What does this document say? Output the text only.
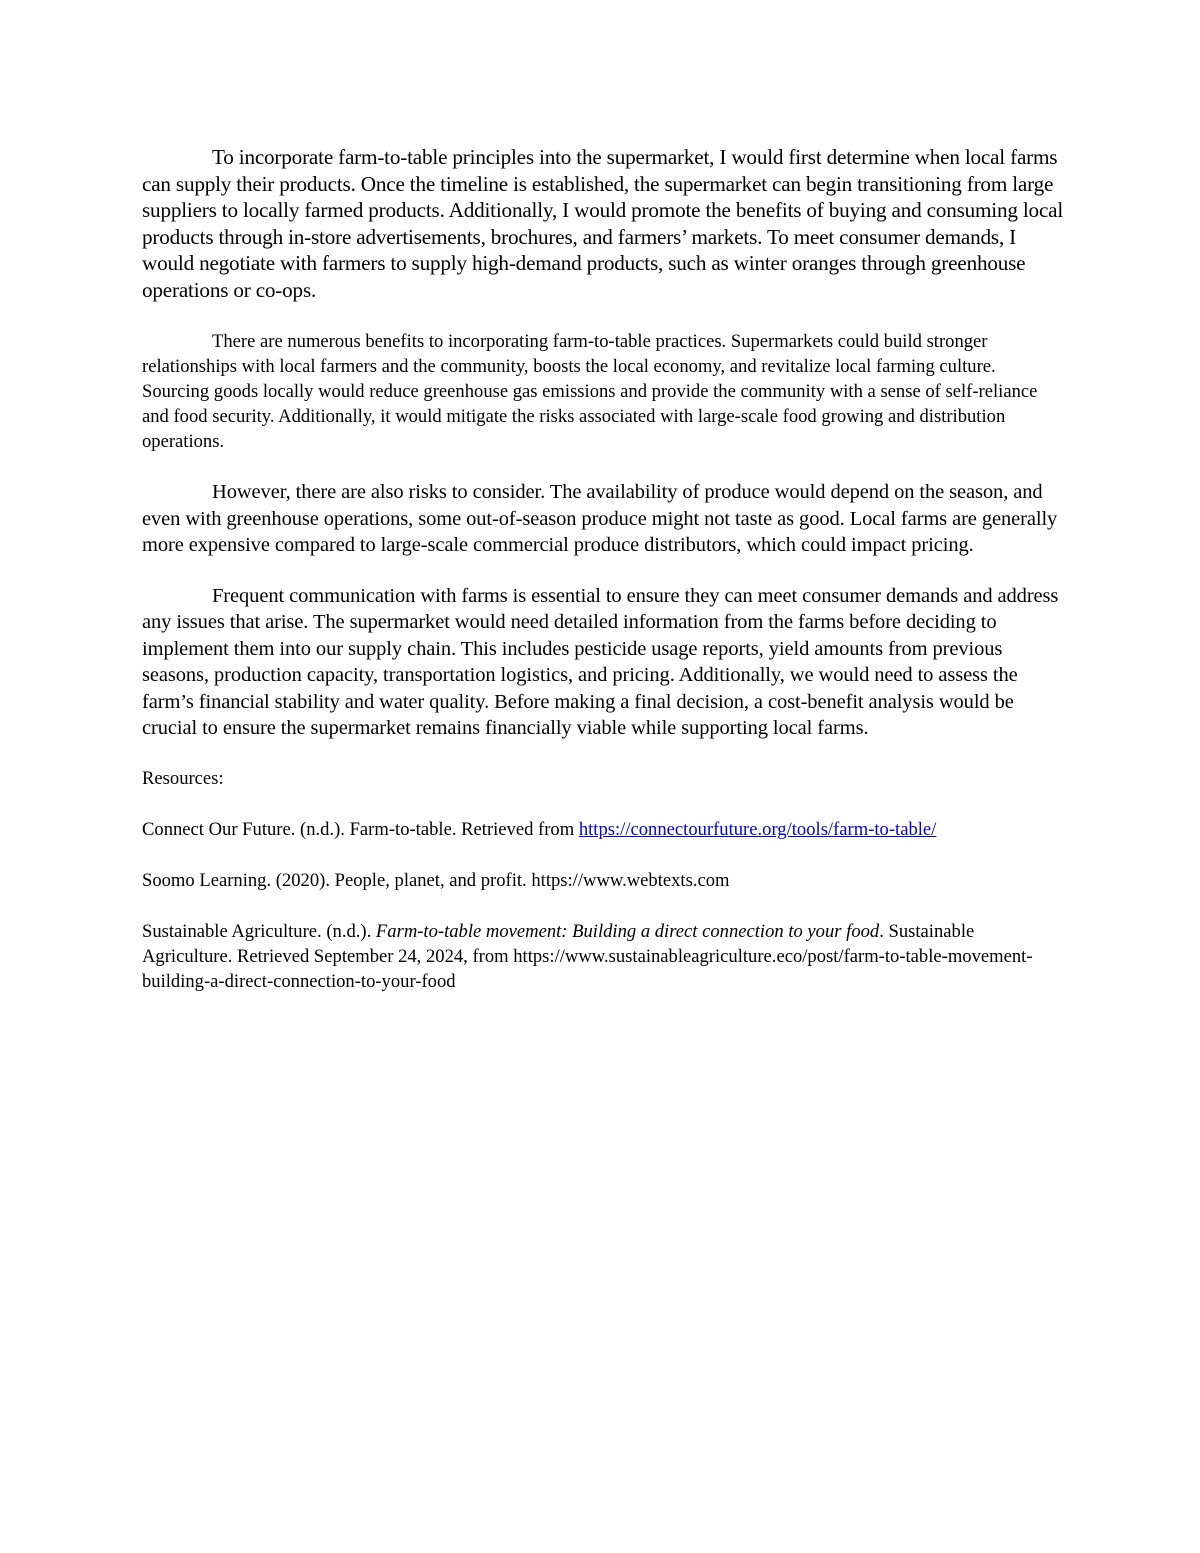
To incorporate farm-to-table principles into the supermarket, I would first determine when local farms can supply their products. Once the timeline is established, the supermarket can begin transitioning from large suppliers to locally farmed products. Additionally, I would promote the benefits of buying and consuming local products through in-store advertisements, brochures, and farmers’ markets. To meet consumer demands, I would negotiate with farmers to supply high-demand products, such as winter oranges through greenhouse operations or co-ops.

There are numerous benefits to incorporating farm-to-table practices. Supermarkets could build stronger relationships with local farmers and the community, boosts the local economy, and revitalize local farming culture. Sourcing goods locally would reduce greenhouse gas emissions and provide the community with a sense of self-reliance and food security. Additionally, it would mitigate the risks associated with large-scale food growing and distribution operations.

However, there are also risks to consider. The availability of produce would depend on the season, and even with greenhouse operations, some out-of-season produce might not taste as good. Local farms are generally more expensive compared to large-scale commercial produce distributors, which could impact pricing.

Frequent communication with farms is essential to ensure they can meet consumer demands and address any issues that arise. The supermarket would need detailed information from the farms before deciding to implement them into our supply chain. This includes pesticide usage reports, yield amounts from previous seasons, production capacity, transportation logistics, and pricing. Additionally, we would need to assess the farm’s financial stability and water quality. Before making a final decision, a cost-benefit analysis would be crucial to ensure the supermarket remains financially viable while supporting local farms.

Resources:
Connect Our Future. (n.d.). Farm-to-table. Retrieved from https://connectourfuture.org/tools/farm-to-table/
Soomo Learning. (2020). People, planet, and profit. https://www.webtexts.com
Sustainable Agriculture. (n.d.). Farm-to-table movement: Building a direct connection to your food. Sustainable Agriculture. Retrieved September 24, 2024, from https://www.sustainableagriculture.eco/post/farm-to-table-movement-building-a-direct-connection-to-your-food
